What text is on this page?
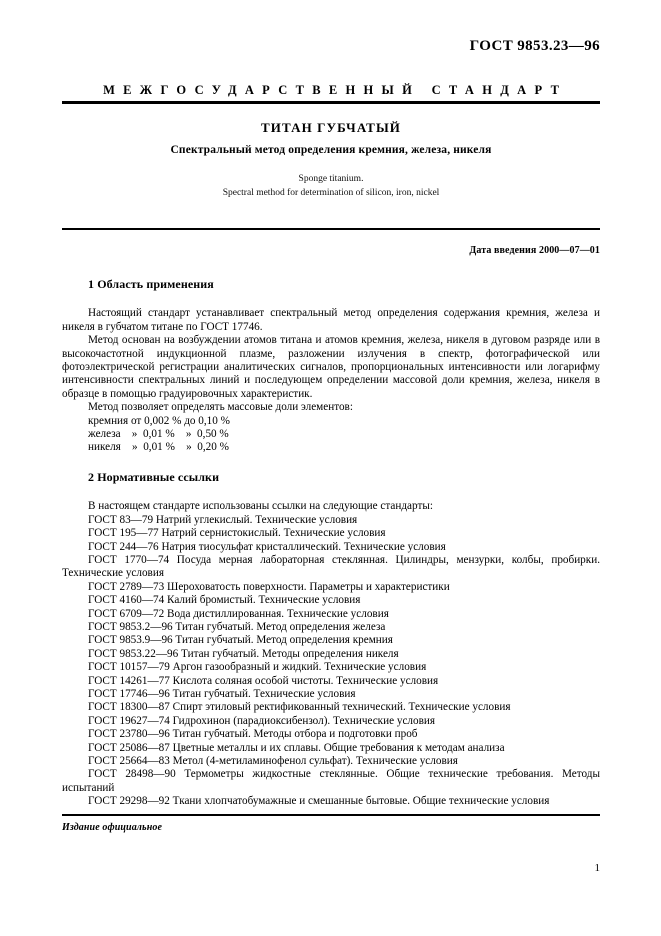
ГОСТ 9853.23—96
МЕЖГОСУДАРСТВЕННЫЙ СТАНДАРТ
ТИТАН ГУБЧАТЫЙ
Спектральный метод определения кремния, железа, никеля
Sponge titanium.
Spectral method for determination of silicon, iron, nickel
Дата введения 2000—07—01
1 Область применения

Настоящий стандарт устанавливает спектральный метод определения содержания кремния, железа и никеля в губчатом титане по ГОСТ 17746.

Метод основан на возбуждении атомов титана и атомов кремния, железа, никеля в дуговом разряде или в высокочастотной индукционной плазме, разложении излучения в спектр, фотографической или фотоэлектрической регистрации аналитических сигналов, пропорциональных интенсивности или логарифму интенсивности спектральных линий и последующем определении массовой доли кремния, железа, никеля в образце в помощью градуировочных характеристик.

Метод позволяет определять массовые доли элементов:

кремния от 0,002 % до 0,10 %
железа    »  0,01 %    »  0,50 %
никеля    »  0,01 %    »  0,20 %
2 Нормативные ссылки

В настоящем стандарте использованы ссылки на следующие стандарты:

ГОСТ 83—79 Натрий углекислый. Технические условия

ГОСТ 195—77 Натрий сернистокислый. Технические условия

ГОСТ 244—76 Натрия тиосульфат кристаллический. Технические условия

ГОСТ 1770—74 Посуда мерная лабораторная стеклянная. Цилиндры, мензурки, колбы, пробирки. Технические условия

ГОСТ 2789—73 Шероховатость поверхности. Параметры и характеристики

ГОСТ 4160—74 Калий бромистый. Технические условия

ГОСТ 6709—72 Вода дистиллированная. Технические условия

ГОСТ 9853.2—96 Титан губчатый. Метод определения железа

ГОСТ 9853.9—96 Титан губчатый. Метод определения кремния

ГОСТ 9853.22—96 Титан губчатый. Методы определения никеля

ГОСТ 10157—79 Аргон газообразный и жидкий. Технические условия

ГОСТ 14261—77 Кислота соляная особой чистоты. Технические условия

ГОСТ 17746—96 Титан губчатый. Технические условия

ГОСТ 18300—87 Спирт этиловый ректификованный технический. Технические условия

ГОСТ 19627—74 Гидрохинон (парадиоксибензол). Технические условия

ГОСТ 23780—96 Титан губчатый. Методы отбора и подготовки проб

ГОСТ 25086—87 Цветные металлы и их сплавы. Общие требования к методам анализа

ГОСТ 25664—83 Метол (4-метиламинофенол сульфат). Технические условия

ГОСТ 28498—90 Термометры жидкостные стеклянные. Общие технические требования. Методы испытаний

ГОСТ 29298—92 Ткани хлопчатобумажные и смешанные бытовые. Общие технические условия

Издание официальное
1
